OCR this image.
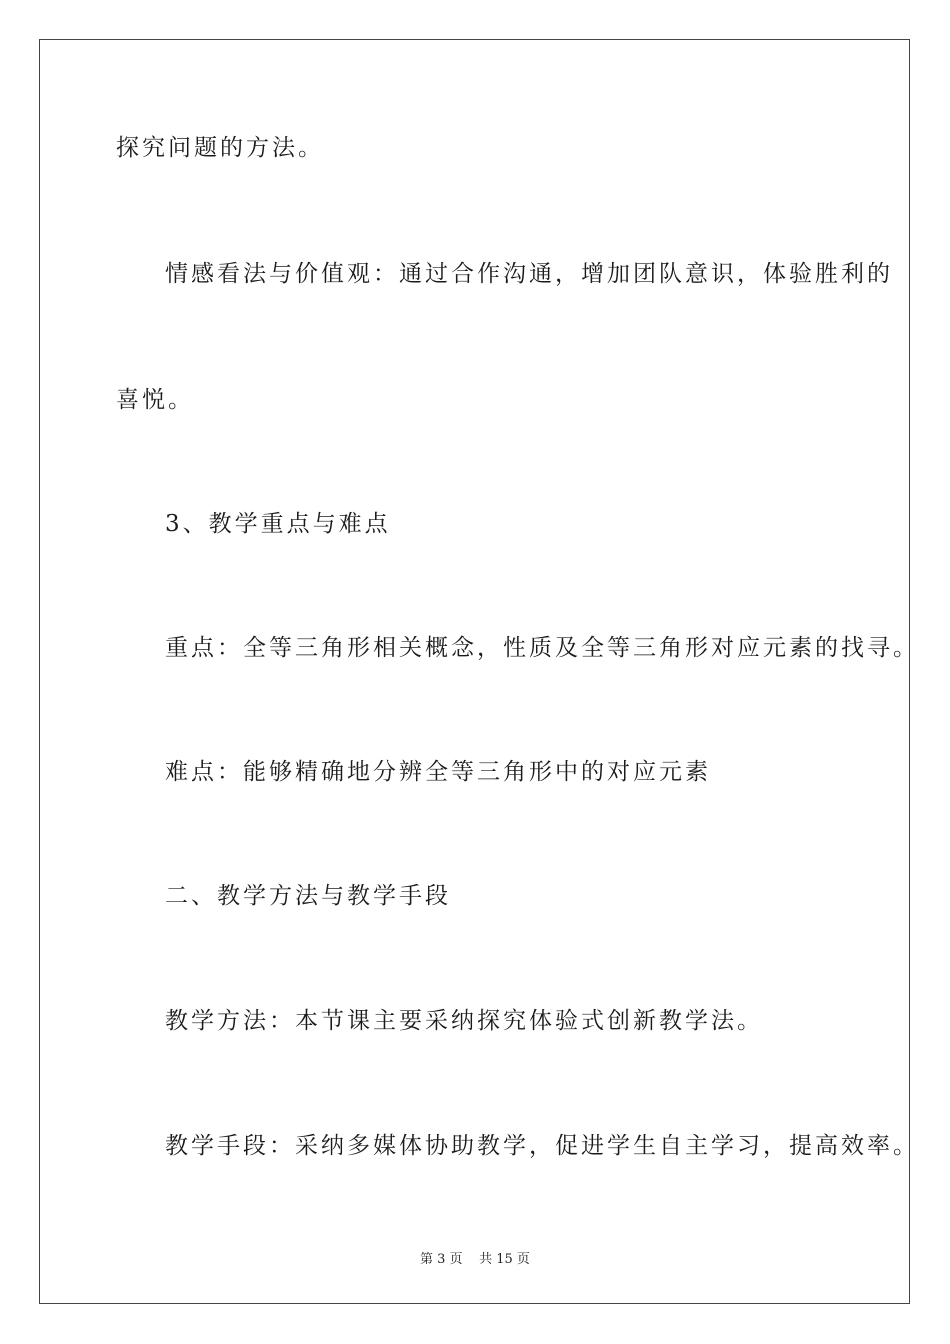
探究问题的方法。
情感看法与价值观：通过合作沟通，增加团队意识，体验胜利的
喜悦。
3、教学重点与难点
重点：全等三角形相关概念，性质及全等三角形对应元素的找寻。
难点：能够精确地分辨全等三角形中的对应元素
二、教学方法与教学手段
教学方法：本节课主要采纳探究体验式创新教学法。
教学手段：采纳多媒体协助教学，促进学生自主学习，提高效率。
第 3 页 共 15 页
